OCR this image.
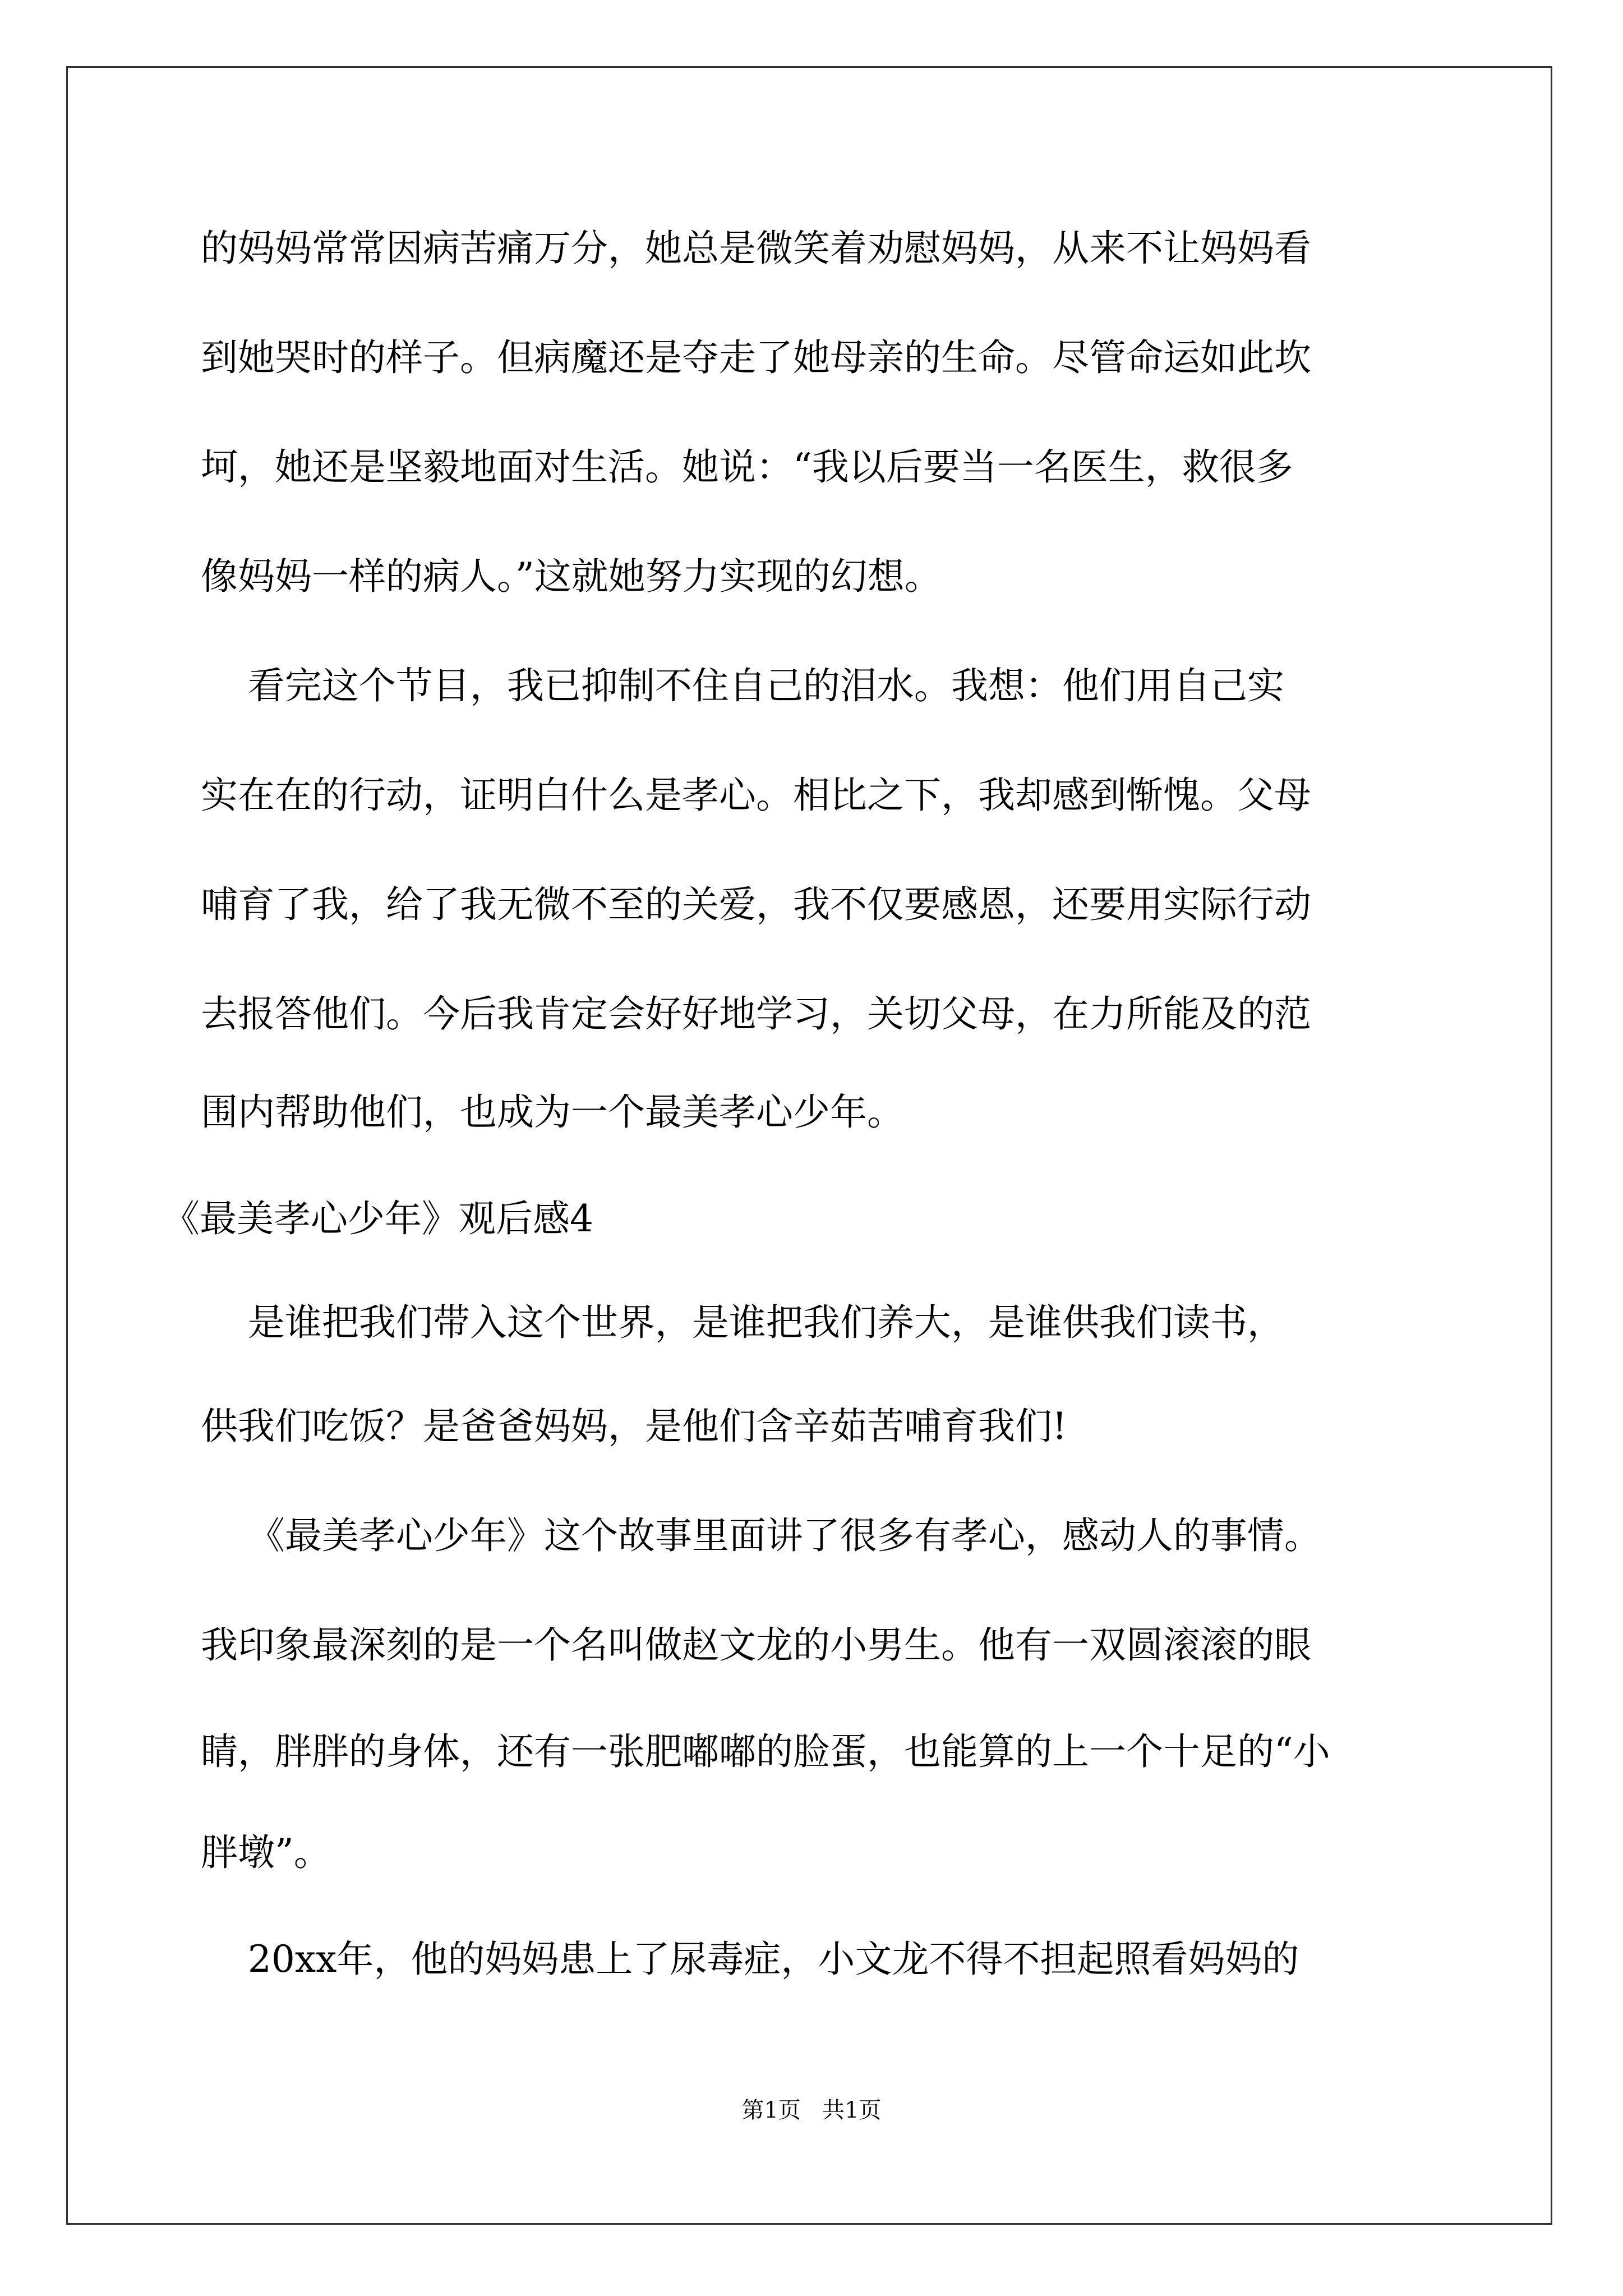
的妈妈常常因病苦痛万分，她总是微笑着劝慰妈妈，从来不让妈妈看
到她哭时的样子。但病魔还是夺走了她母亲的生命。尽管命运如此坎
坷，她还是坚毅地面对生活。她说：“我以后要当一名医生，救很多
像妈妈一样的病人。”这就她努力实现的幻想。
看完这个节目，我已抑制不住自己的泪水。我想：他们用自己实
实在在的行动，证明白什么是孝心。相比之下，我却感到惭愧。父母
哺育了我，给了我无微不至的关爱，我不仅要感恩，还要用实际行动
去报答他们。今后我肯定会好好地学习，关切父母，在力所能及的范
围内帮助他们，也成为一个最美孝心少年。
《最美孝心少年》观后感4
是谁把我们带入这个世界，是谁把我们养大，是谁供我们读书，
供我们吃饭？是爸爸妈妈，是他们含辛茹苦哺育我们!
《最美孝心少年》这个故事里面讲了很多有孝心，感动人的事情。
我印象最深刻的是一个名叫做赵文龙的小男生。他有一双圆滚滚的眼
睛，胖胖的身体，还有一张肥嘟嘟的脸蛋，也能算的上一个十足的“小
胖墩”。
20xx年，他的妈妈患上了尿毒症，小文龙不得不担起照看妈妈的
第1页   共1页
